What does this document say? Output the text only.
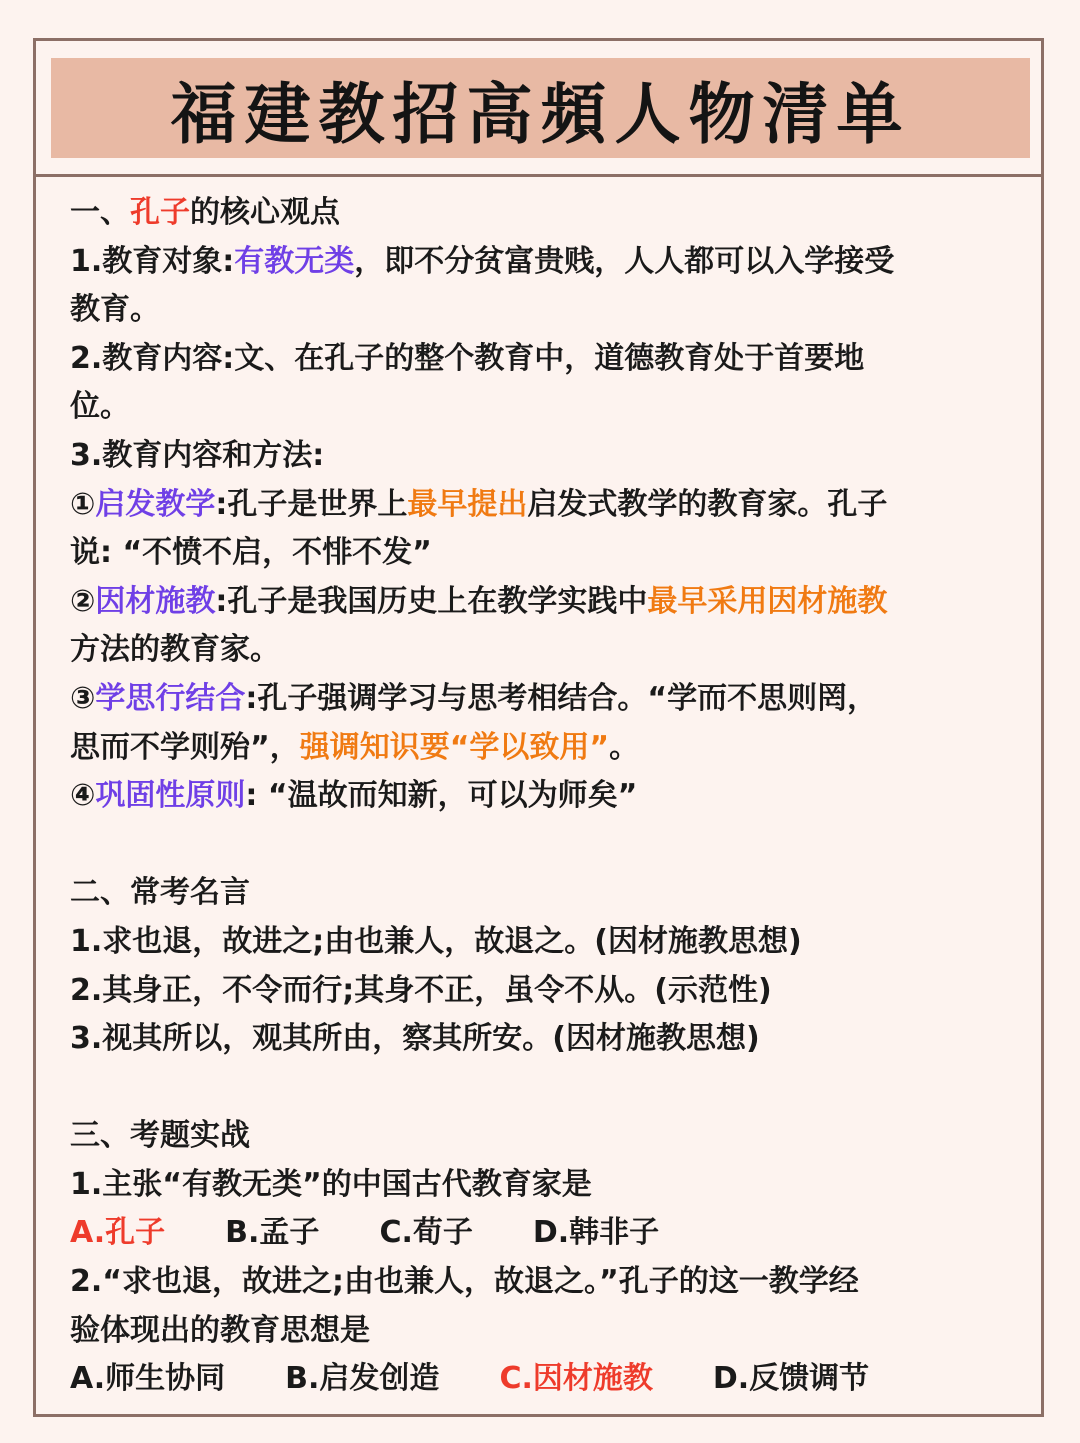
福建教招高頻人物清单

一、孔子的核心观点

1.教育对象:有教无类，即不分贫富贵贱，人人都可以入学接受

教育。

2.教育内容:文、在孔子的整个教育中，道德教育处于首要地

位。

3.教育内容和方法:

①启发教学:孔子是世界上最早提出启发式教学的教育家。孔子

说: “不愤不启，不悱不发”

②因材施教:孔子是我国历史上在教学实践中最早采用因材施教

方法的教育家。

③学思行结合:孔子强调学习与思考相结合。“学而不思则罔，

思而不学则殆”，强调知识要“学以致用”。

④巩固性原则: “温故而知新，可以为师矣”

二、常考名言

1.求也退，故进之;由也兼人，故退之。(因材施教思想)

2.其身正，不令而行;其身不正，虽令不从。(示范性)

3.视其所以，观其所由，察其所安。(因材施教思想)

三、考题实战

1.主张“有教无类”的中国古代教育家是

A.孔子 B.孟子 C.荀子 D.韩非子

2.“求也退，故进之;由也兼人，故退之。”孔子的这一教学经

验体现出的教育思想是

A.师生协同 B.启发创造 C.因材施教 D.反馈调节
